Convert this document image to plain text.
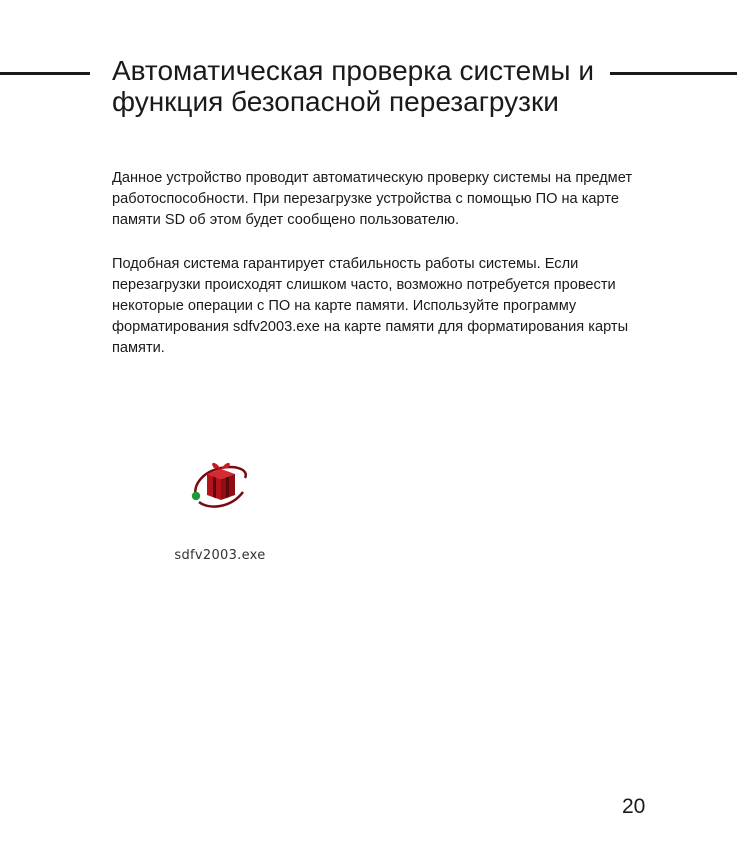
Автоматическая проверка системы и функция безопасной перезагрузки

Данное устройство проводит автоматическую проверку системы на предмет работоспособности. При перезагрузке устройства с помощью ПО на карте памяти SD об этом будет сообщено пользователю.

Подобная система гарантирует стабильность работы системы. Если перезагрузки происходят слишком часто, возможно потребуется провести некоторые операции с ПО на карте памяти. Используйте программу форматирования sdfv2003.exe на карте памяти для форматирования карты памяти.

sdfv2003.exe
20
